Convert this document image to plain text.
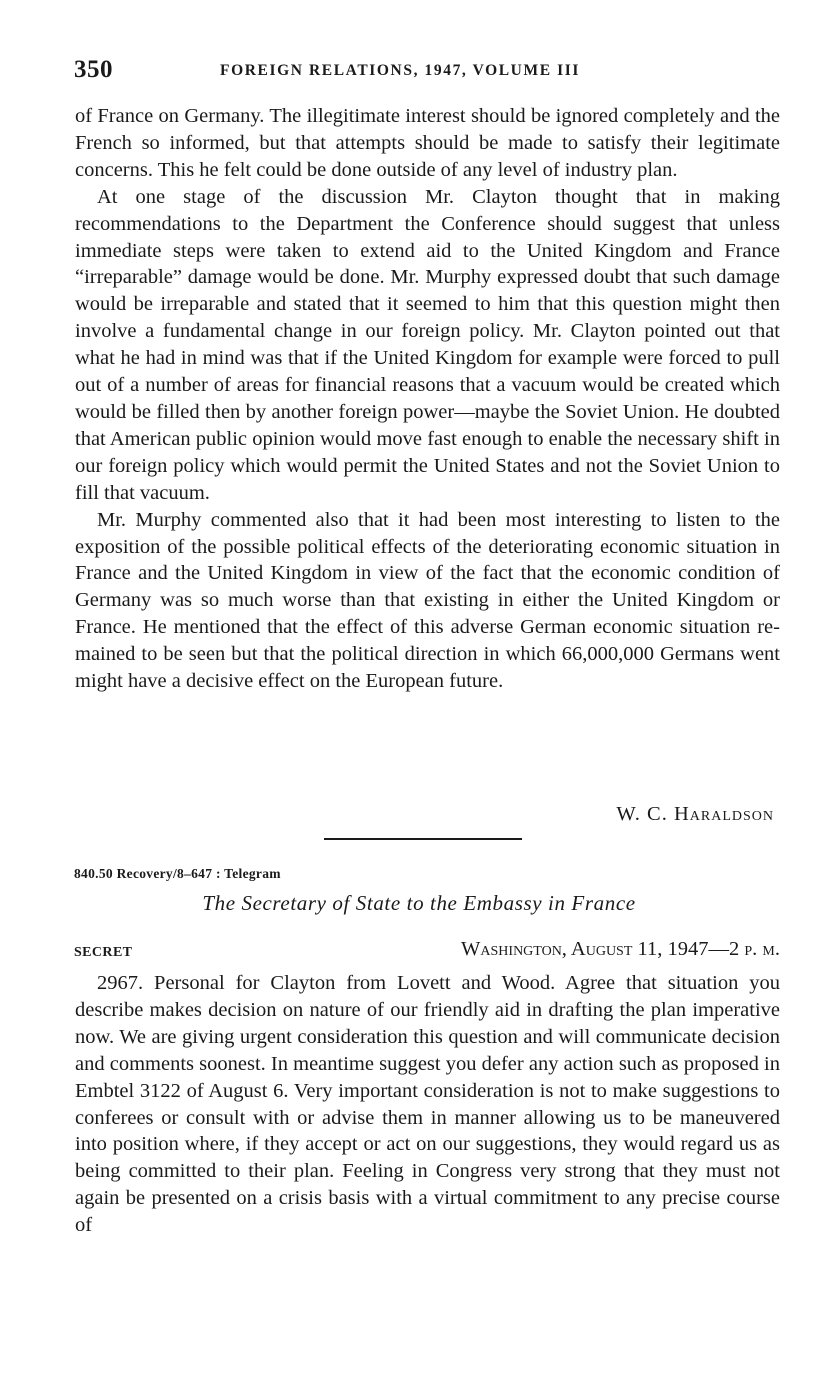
350	FOREIGN RELATIONS, 1947, VOLUME III

of France on Germany. The illegitimate interest should be ignored completely and the French so informed, but that attempts should be made to satisfy their legitimate concerns. This he felt could be done outside of any level of industry plan.

At one stage of the discussion Mr. Clayton thought that in making recommendations to the Department the Conference should suggest that unless immediate steps were taken to extend aid to the United Kingdom and France “irreparable” damage would be done. Mr. Murphy expressed doubt that such damage would be irreparable and stated that it seemed to him that this question might then involve a fundamental change in our foreign policy. Mr. Clayton pointed out that what he had in mind was that if the United Kingdom for example were forced to pull out of a number of areas for financial reasons that a vacuum would be created which would be filled then by another foreign power—maybe the Soviet Union. He doubted that American public opinion would move fast enough to enable the necessary shift in our foreign policy which would permit the United States and not the Soviet Union to fill that vacuum.

Mr. Murphy commented also that it had been most interesting to listen to the exposition of the possible political effects of the deteriorating economic situation in France and the United Kingdom in view of the fact that the economic condition of Germany was so much worse than that existing in either the United Kingdom or France. He mentioned that the effect of this adverse German economic situation remained to be seen but that the political direction in which 66,000,000 Germans went might have a decisive effect on the European future.

W. C. Haraldson
840.50 Recovery/8–647 : Telegram
The Secretary of State to the Embassy in France
SECRET	Washington, August 11, 1947—2 p. m.

2967. Personal for Clayton from Lovett and Wood. Agree that situation you describe makes decision on nature of our friendly aid in drafting the plan imperative now. We are giving urgent consideration this question and will communicate decision and comments soonest. In meantime suggest you defer any action such as proposed in Embtel 3122 of August 6. Very important consideration is not to make suggestions to conferees or consult with or advise them in manner allowing us to be maneuvered into position where, if they accept or act on our suggestions, they would regard us as being committed to their plan. Feeling in Congress very strong that they must not again be presented on a crisis basis with a virtual commitment to any precise course of
